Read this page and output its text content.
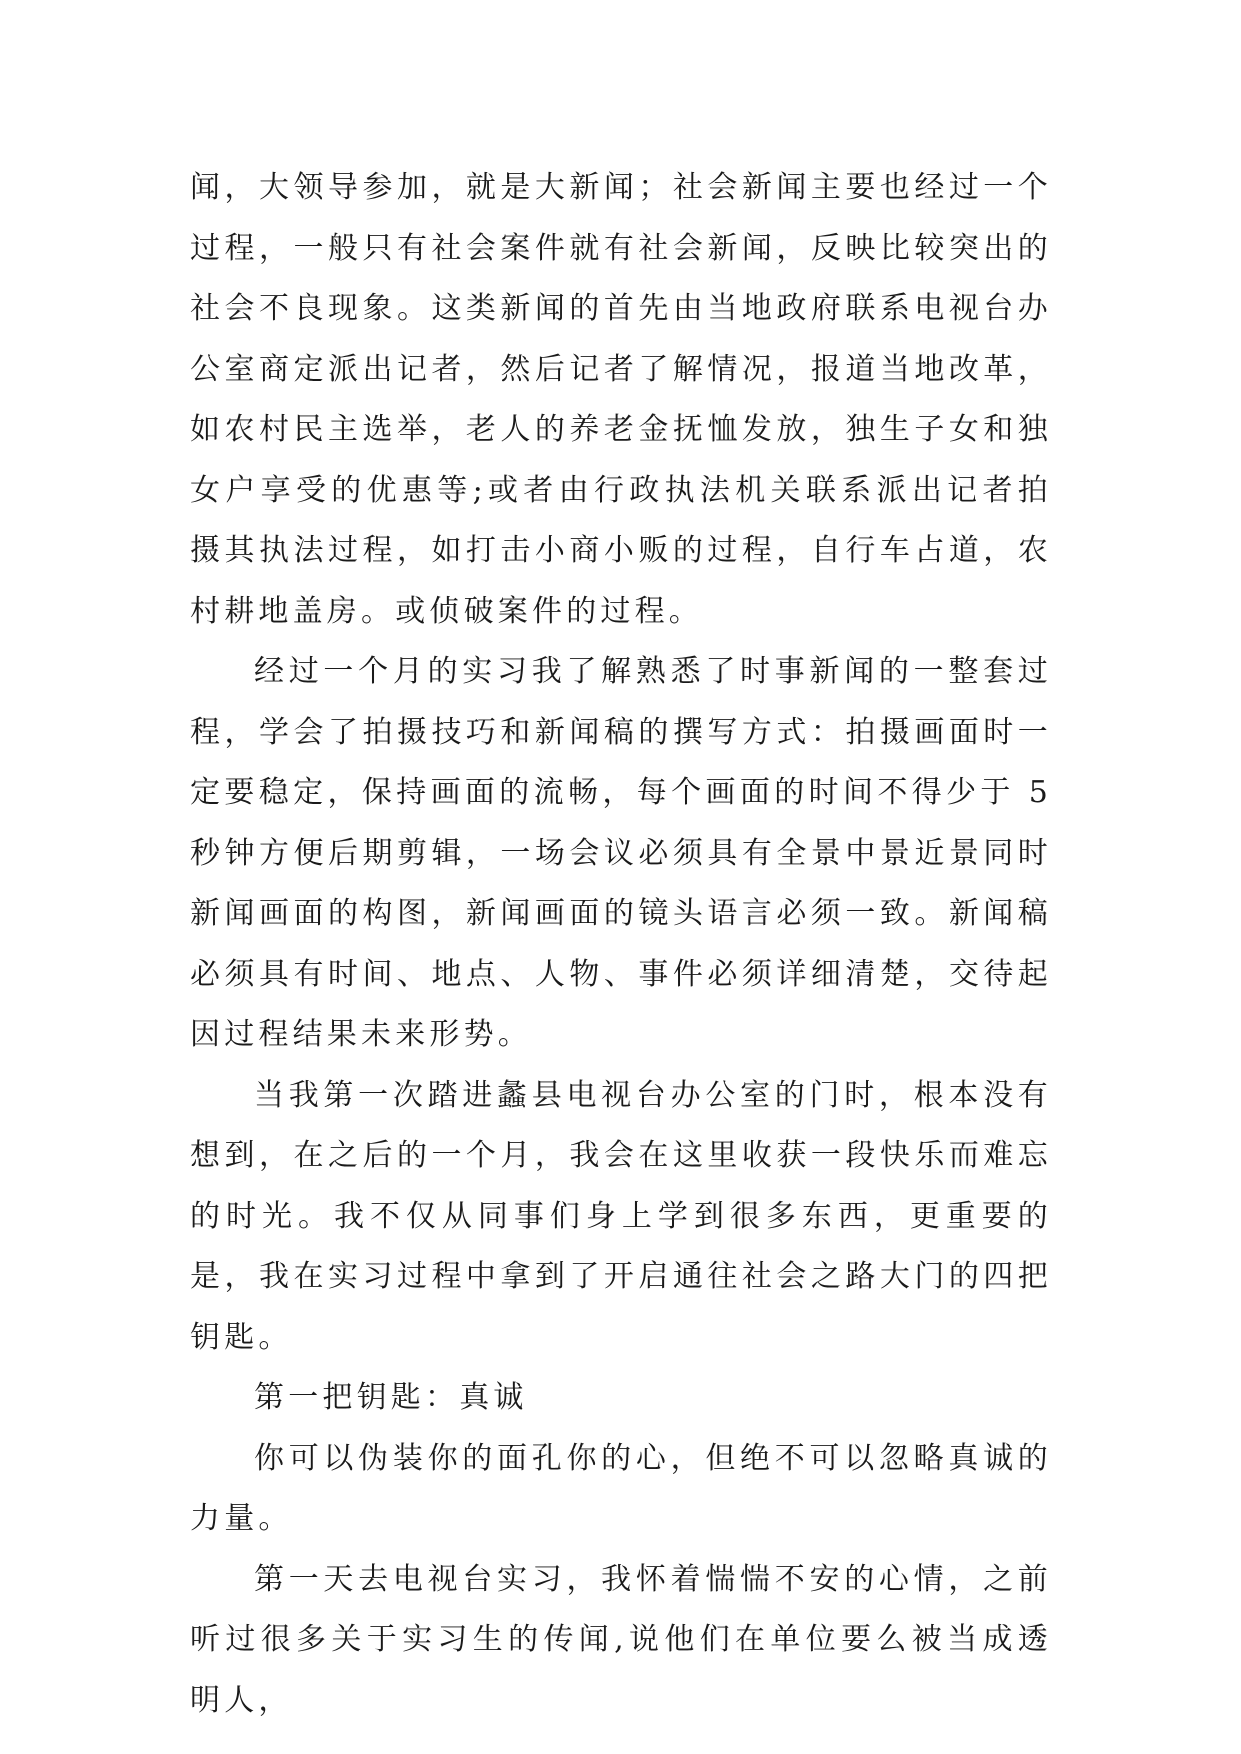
闻，大领导参加，就是大新闻；社会新闻主要也经过一个过程，一般只有社会案件就有社会新闻，反映比较突出的社会不良现象。这类新闻的首先由当地政府联系电视台办公室商定派出记者，然后记者了解情况，报道当地改革，如农村民主选举，老人的养老金抚恤发放，独生子女和独女户享受的优惠等;或者由行政执法机关联系派出记者拍摄其执法过程，如打击小商小贩的过程，自行车占道，农村耕地盖房。或侦破案件的过程。

经过一个月的实习我了解熟悉了时事新闻的一整套过程，学会了拍摄技巧和新闻稿的撰写方式：拍摄画面时一定要稳定，保持画面的流畅，每个画面的时间不得少于 5 秒钟方便后期剪辑，一场会议必须具有全景中景近景同时新闻画面的构图，新闻画面的镜头语言必须一致。新闻稿必须具有时间、地点、人物、事件必须详细清楚，交待起因过程结果未来形势。

当我第一次踏进蠡县电视台办公室的门时，根本没有想到，在之后的一个月，我会在这里收获一段快乐而难忘的时光。我不仅从同事们身上学到很多东西，更重要的是，我在实习过程中拿到了开启通往社会之路大门的四把钥匙。

第一把钥匙：真诚

你可以伪装你的面孔你的心，但绝不可以忽略真诚的力量。

第一天去电视台实习，我怀着惴惴不安的心情，之前听过很多关于实习生的传闻,说他们在单位要么被当成透明人，
